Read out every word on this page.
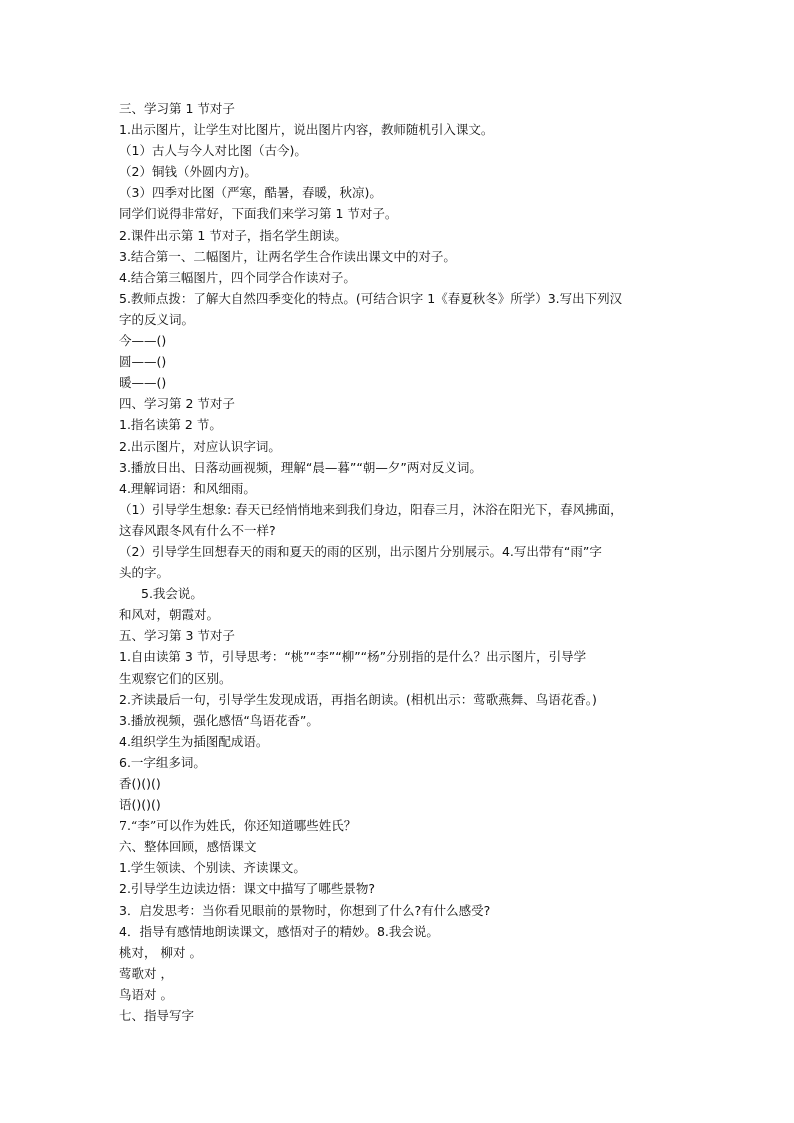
三、学习第 1 节对子
1.出示图片，让学生对比图片，说出图片内容，教师随机引入课文。
（1）古人与今人对比图（古今)。
（2）铜钱（外圆内方)。
（3）四季对比图（严寒，酷暑，春暖，秋凉)。
同学们说得非常好，下面我们来学习第 1 节对子。
2.课件出示第 1 节对子，指名学生朗读。
3.结合第一、二幅图片，让两名学生合作读出课文中的对子。
4.结合第三幅图片，四个同学合作读对子。
5.教师点拨：了解大自然四季变化的特点。(可结合识字 1《春夏秋冬》所学）3.写出下列汉
字的反义词。
今——()
圆——()
暖——()
四、学习第 2 节对子
1.指名读第 2 节。
2.出示图片，对应认识字词。
3.播放日出、日落动画视频，理解“晨—暮”“朝—夕”两对反义词。
4.理解词语：和风细雨。
（1）引导学生想象: 春天已经悄悄地来到我们身边，阳春三月，沐浴在阳光下，春风拂面，
这春风跟冬风有什么不一样?
（2）引导学生回想春天的雨和夏天的雨的区别，出示图片分别展示。4.写出带有“雨”字
头的字。
5.我会说。
和风对，朝霞对。
五、学习第 3 节对子
1.自由读第 3 节，引导思考：“桃”“李”“柳”“杨”分别指的是什么？出示图片，引导学
生观察它们的区别。
2.齐读最后一句，引导学生发现成语，再指名朗读。(相机出示：莺歌燕舞、鸟语花香。)
3.播放视频，强化感悟“鸟语花香”。
4.组织学生为插图配成语。
6.一字组多词。
香()()()
语()()()
7.“李”可以作为姓氏，你还知道哪些姓氏？
六、整体回顾，感悟课文
1.学生领读、个别读、齐读课文。
2.引导学生边读边悟：课文中描写了哪些景物?
3．启发思考：当你看见眼前的景物时，你想到了什么?有什么感受?
4．指导有感情地朗读课文，感悟对子的精妙。8.我会说。
桃对， 柳对 。
莺歌对 ，
鸟语对 。
七、指导写字
